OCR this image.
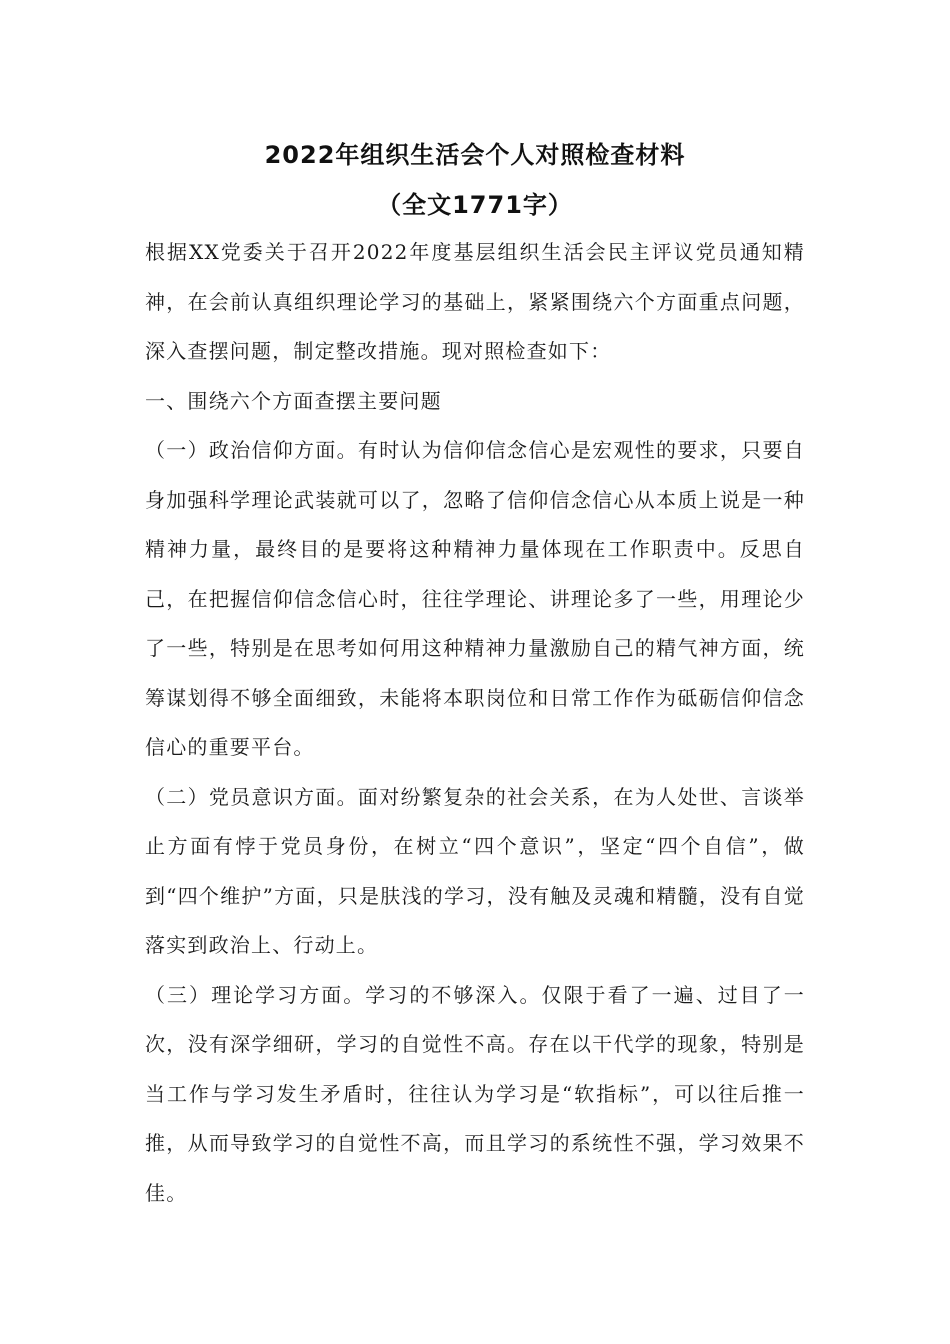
2022年组织生活会个人对照检查材料
（全文1771字）

根据XX党委关于召开2022年度基层组织生活会民主评议党员通知精神，在会前认真组织理论学习的基础上，紧紧围绕六个方面重点问题，深入查摆问题，制定整改措施。现对照检查如下：

一、围绕六个方面查摆主要问题

（一）政治信仰方面。有时认为信仰信念信心是宏观性的要求，只要自身加强科学理论武装就可以了，忽略了信仰信念信心从本质上说是一种精神力量，最终目的是要将这种精神力量体现在工作职责中。反思自己，在把握信仰信念信心时，往往学理论、讲理论多了一些，用理论少了一些，特别是在思考如何用这种精神力量激励自己的精气神方面，统筹谋划得不够全面细致，未能将本职岗位和日常工作作为砥砺信仰信念信心的重要平台。

（二）党员意识方面。面对纷繁复杂的社会关系，在为人处世、言谈举止方面有悖于党员身份，在树立“四个意识”，坚定“四个自信”，做到“四个维护”方面，只是肤浅的学习，没有触及灵魂和精髓，没有自觉落实到政治上、行动上。

（三）理论学习方面。学习的不够深入。仅限于看了一遍、过目了一次，没有深学细研，学习的自觉性不高。存在以干代学的现象，特别是当工作与学习发生矛盾时，往往认为学习是“软指标”，可以往后推一推，从而导致学习的自觉性不高，而且学习的系统性不强，学习效果不佳。
